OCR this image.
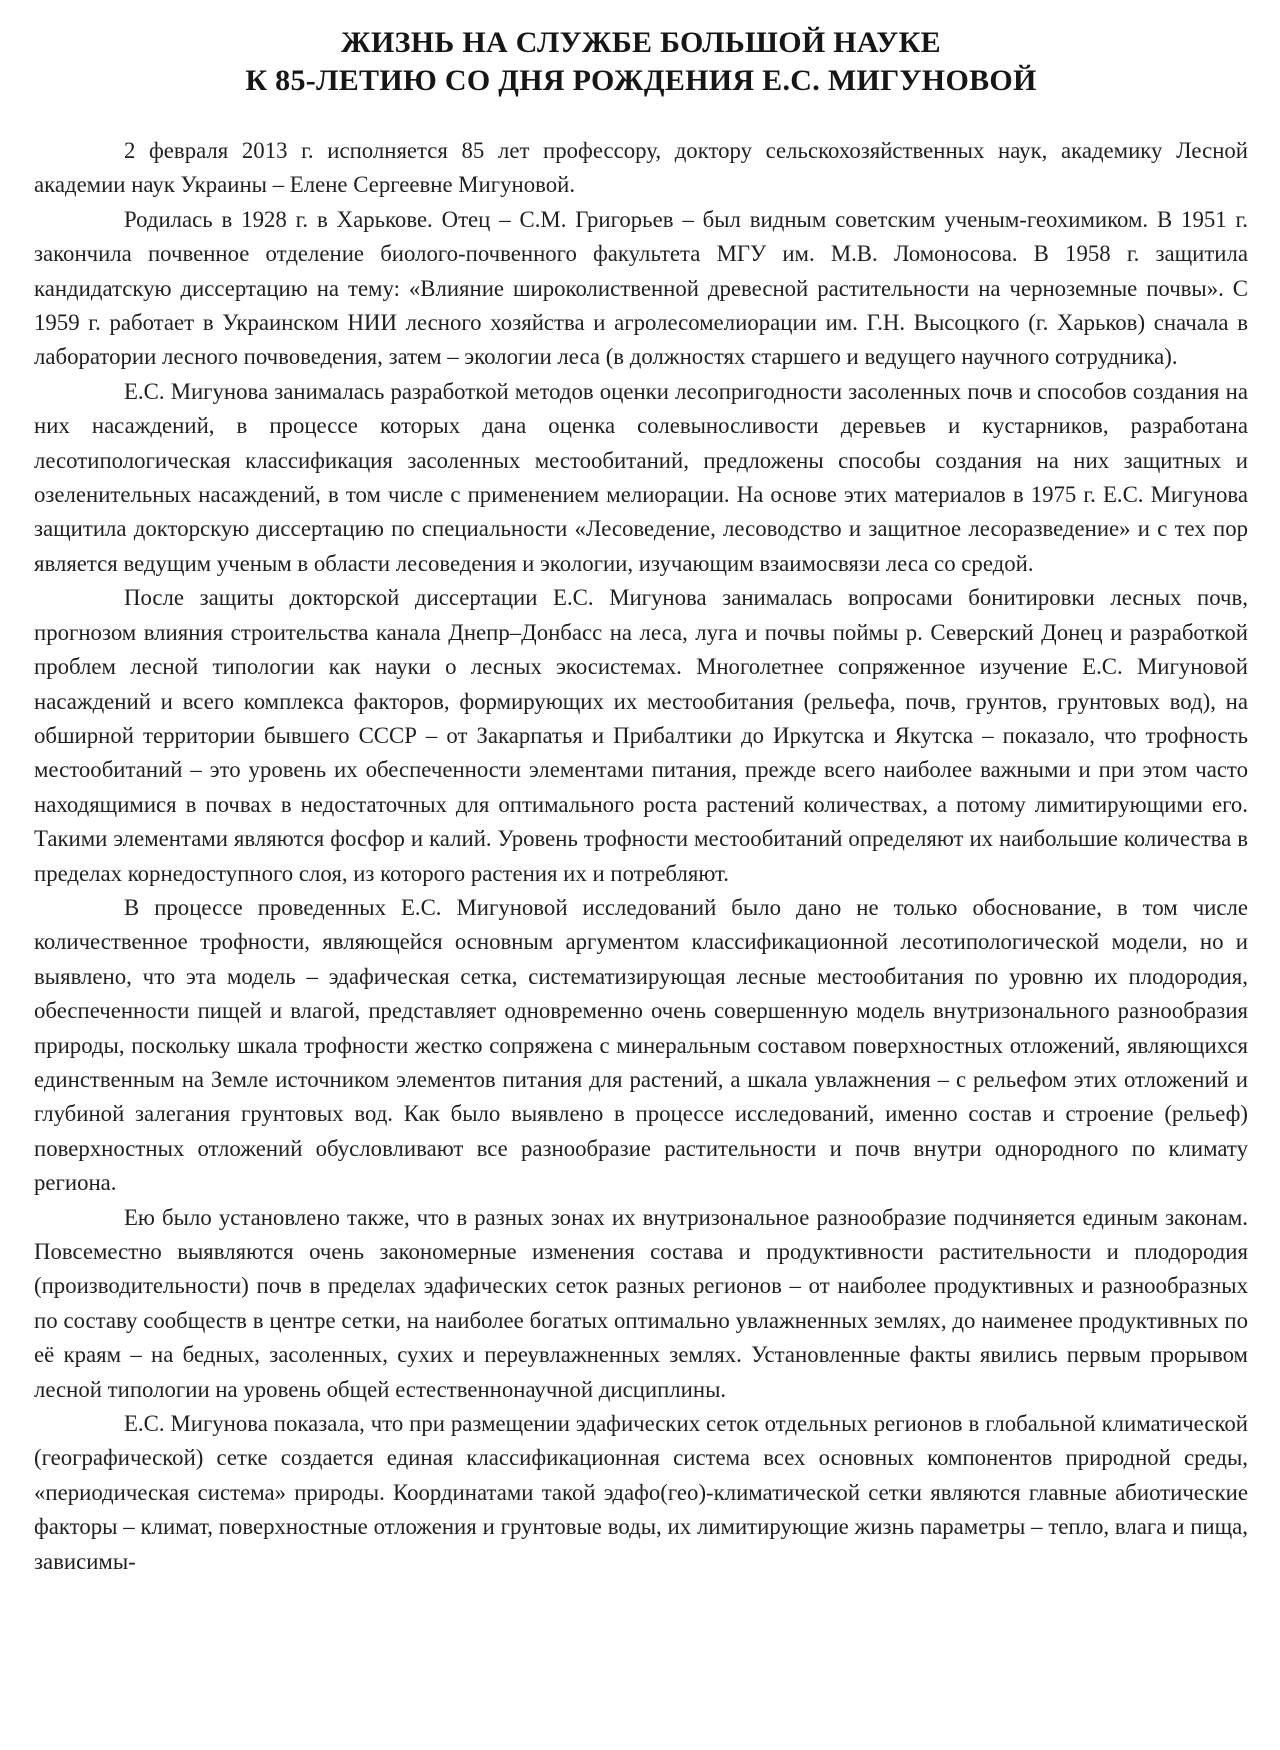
ЖИЗНЬ НА СЛУЖБЕ БОЛЬШОЙ НАУКЕ
К 85-ЛЕТИЮ СО ДНЯ РОЖДЕНИЯ Е.С. МИГУНОВОЙ

2 февраля 2013 г. исполняется 85 лет профессору, доктору сельскохозяйственных наук, академику Лесной академии наук Украины – Елене Сергеевне Мигуновой.

Родилась в 1928 г. в Харькове. Отец – С.М. Григорьев – был видным советским ученым-геохимиком. В 1951 г. закончила почвенное отделение биолого-почвенного факультета МГУ им. М.В. Ломоносова. В 1958 г. защитила кандидатскую диссертацию на тему: «Влияние широколиственной древесной растительности на черноземные почвы». С 1959 г. работает в Украинском НИИ лесного хозяйства и агролесомелиорации им. Г.Н. Высоцкого (г. Харьков) сначала в лаборатории лесного почвоведения, затем – экологии леса (в должностях старшего и ведущего научного сотрудника).

Е.С. Мигунова занималась разработкой методов оценки лесопригодности засоленных почв и способов создания на них насаждений, в процессе которых дана оценка солевыносливости деревьев и кустарников, разработана лесотипологическая классификация засоленных местообитаний, предложены способы создания на них защитных и озеленительных насаждений, в том числе с применением мелиорации. На основе этих материалов в 1975 г. Е.С. Мигунова защитила докторскую диссертацию по специальности «Лесоведение, лесоводство и защитное лесоразведение» и с тех пор является ведущим ученым в области лесоведения и экологии, изучающим взаимосвязи леса со средой.

После защиты докторской диссертации Е.С. Мигунова занималась вопросами бонитировки лесных почв, прогнозом влияния строительства канала Днепр–Донбасс на леса, луга и почвы поймы р. Северский Донец и разработкой проблем лесной типологии как науки о лесных экосистемах. Многолетнее сопряженное изучение Е.С. Мигуновой насаждений и всего комплекса факторов, формирующих их местообитания (рельефа, почв, грунтов, грунтовых вод), на обширной территории бывшего СССР – от Закарпатья и Прибалтики до Иркутска и Якутска – показало, что трофность местообитаний – это уровень их обеспеченности элементами питания, прежде всего наиболее важными и при этом часто находящимися в почвах в недостаточных для оптимального роста растений количествах, а потому лимитирующими его. Такими элементами являются фосфор и калий. Уровень трофности местообитаний определяют их наибольшие количества в пределах корнедоступного слоя, из которого растения их и потребляют.

В процессе проведенных Е.С. Мигуновой исследований было дано не только обоснование, в том числе количественное трофности, являющейся основным аргументом классификационной лесотипологической модели, но и выявлено, что эта модель – эдафическая сетка, систематизирующая лесные местообитания по уровню их плодородия, обеспеченности пищей и влагой, представляет одновременно очень совершенную модель внутризонального разнообразия природы, поскольку шкала трофности жестко сопряжена с минеральным составом поверхностных отложений, являющихся единственным на Земле источником элементов питания для растений, а шкала увлажнения – с рельефом этих отложений и глубиной залегания грунтовых вод. Как было выявлено в процессе исследований, именно состав и строение (рельеф) поверхностных отложений обусловливают все разнообразие растительности и почв внутри однородного по климату региона.

Ею было установлено также, что в разных зонах их внутризональное разнообразие подчиняется единым законам. Повсеместно выявляются очень закономерные изменения состава и продуктивности растительности и плодородия (производительности) почв в пределах эдафических сеток разных регионов – от наиболее продуктивных и разнообразных по составу сообществ в центре сетки, на наиболее богатых оптимально увлажненных землях, до наименее продуктивных по её краям – на бедных, засоленных, сухих и переувлажненных землях. Установленные факты явились первым прорывом лесной типологии на уровень общей естественнонаучной дисциплины.

Е.С. Мигунова показала, что при размещении эдафических сеток отдельных регионов в глобальной климатической (географической) сетке создается единая классификационная система всех основных компонентов природной среды, «периодическая система» природы. Координатами такой эдафо(гео)-климатической сетки являются главные абиотические факторы – климат, поверхностные отложения и грунтовые воды, их лимитирующие жизнь параметры – тепло, влага и пища, зависимы-
